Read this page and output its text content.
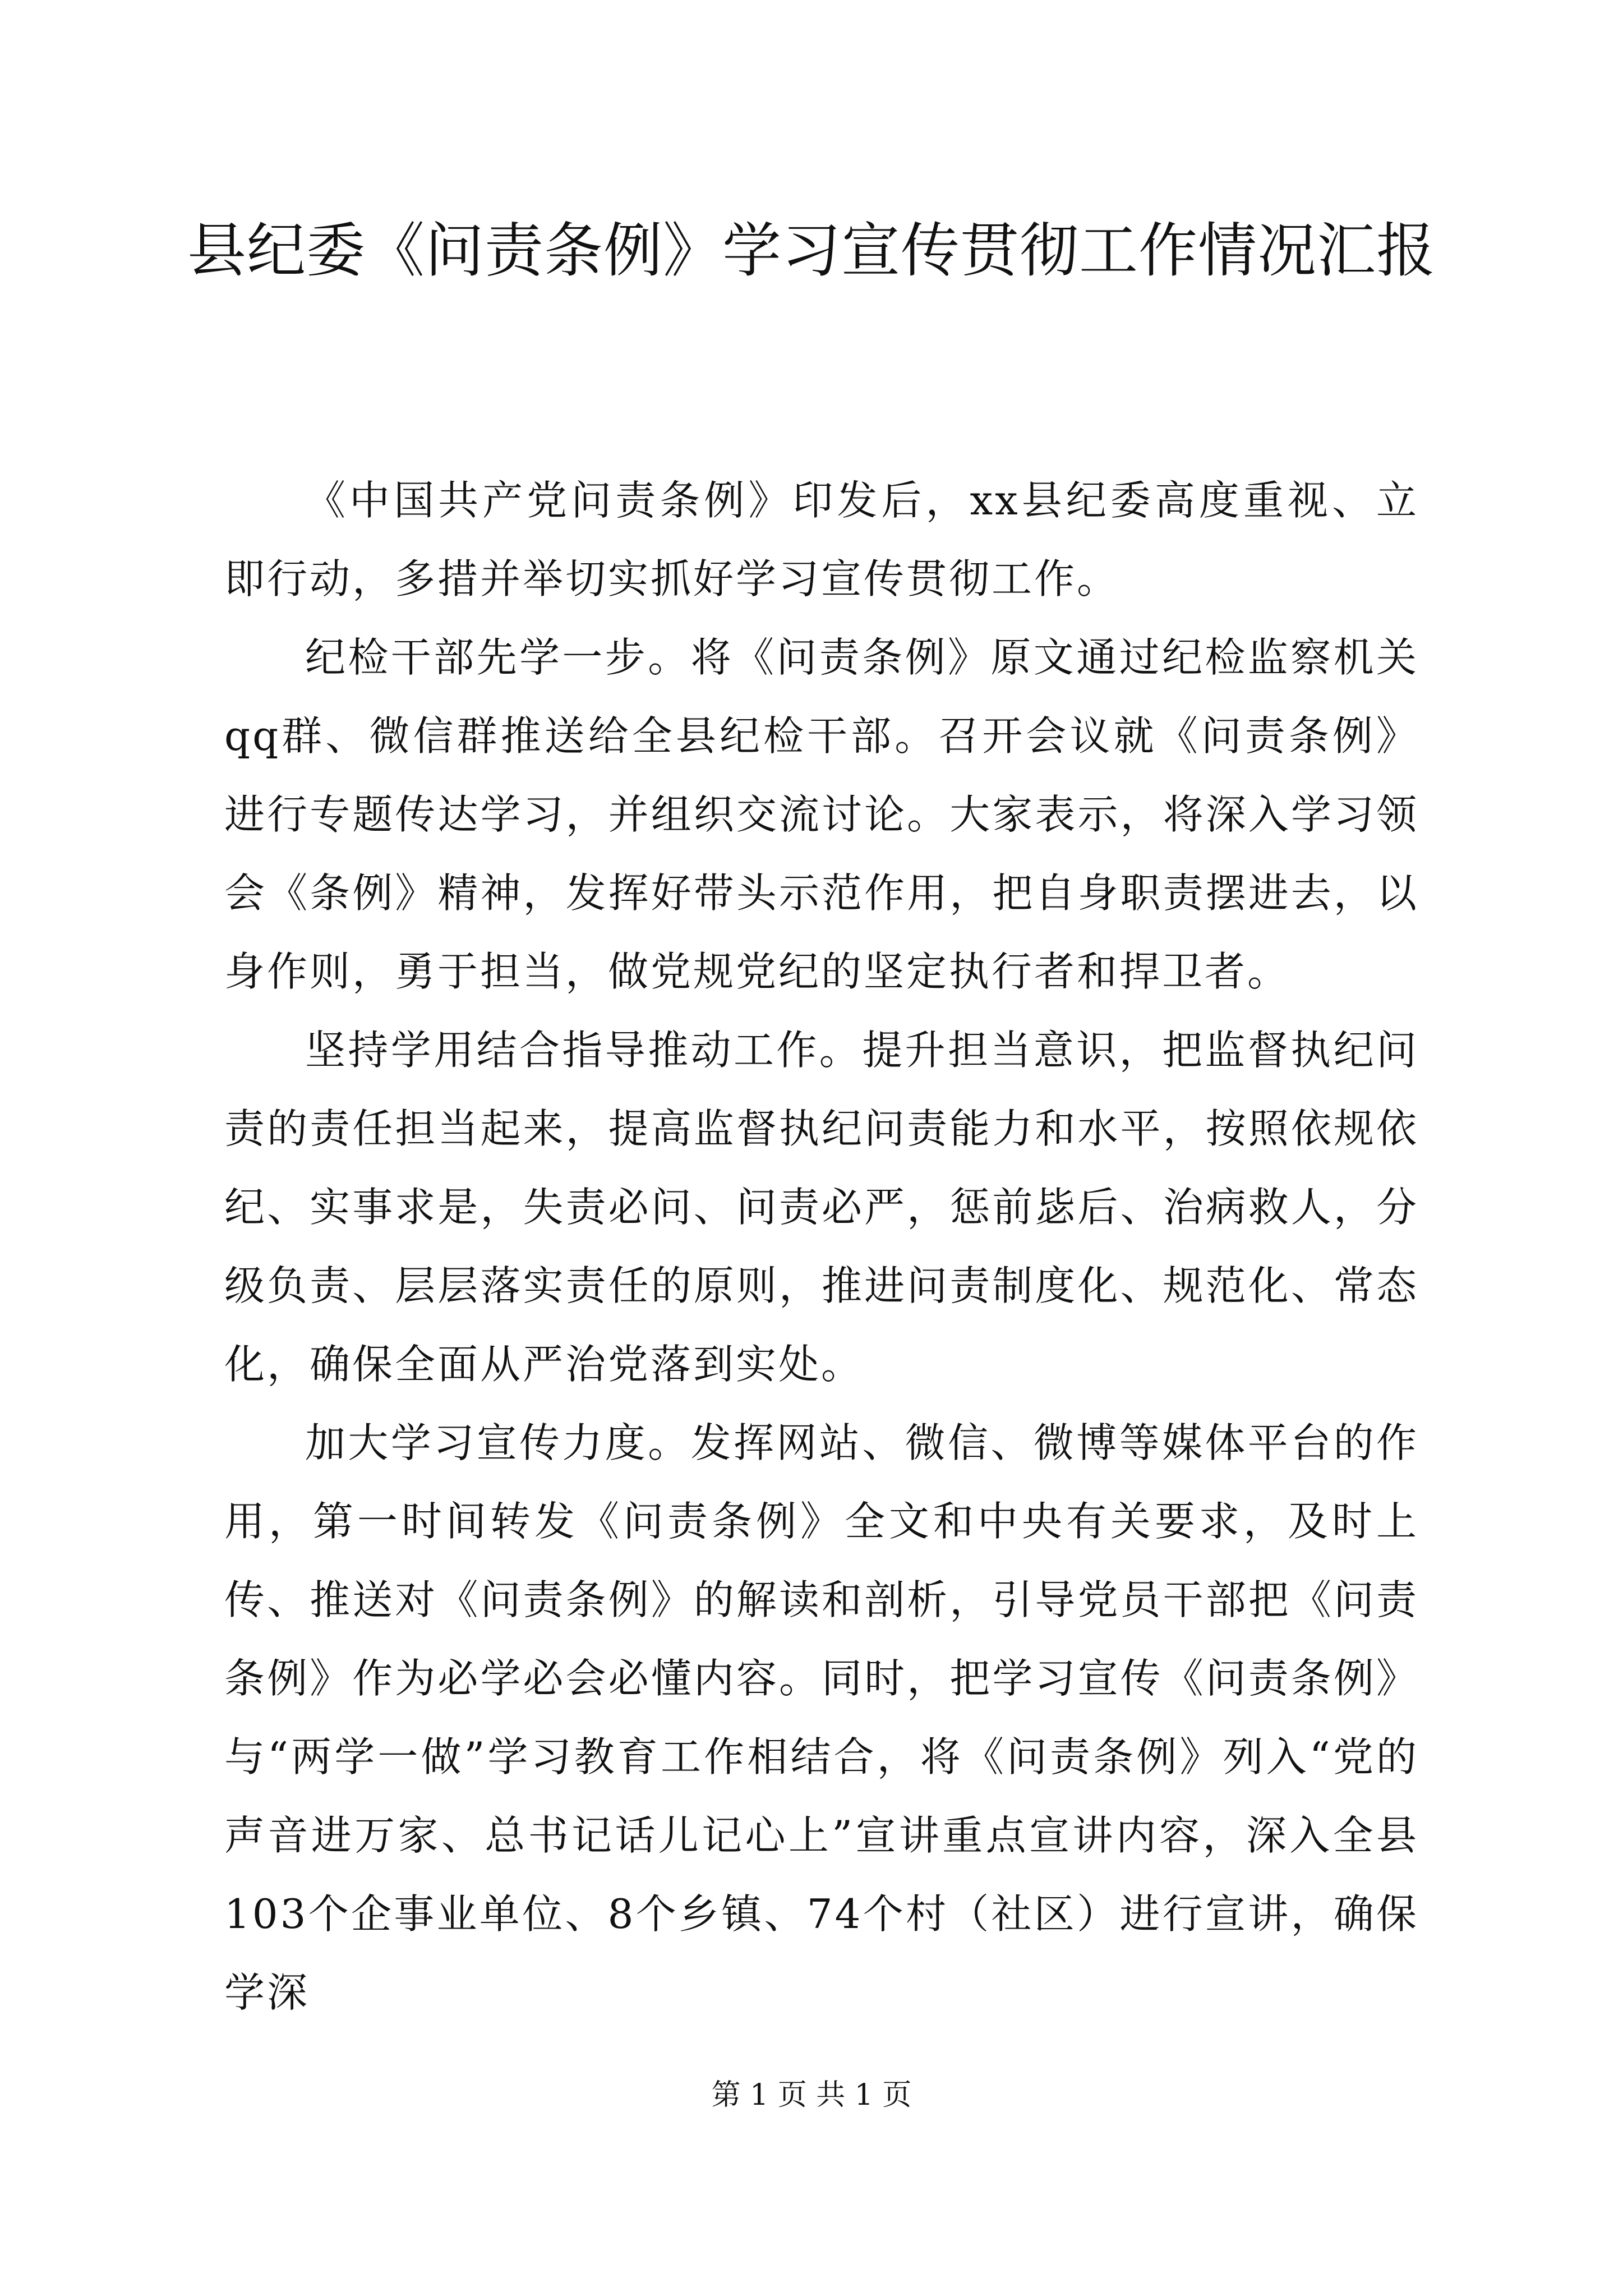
县纪委《问责条例》学习宣传贯彻工作情况汇报

《中国共产党问责条例》印发后，xx县纪委高度重视、立即行动，多措并举切实抓好学习宣传贯彻工作。

纪检干部先学一步。将《问责条例》原文通过纪检监察机关qq群、微信群推送给全县纪检干部。召开会议就《问责条例》进行专题传达学习，并组织交流讨论。大家表示，将深入学习领会《条例》精神，发挥好带头示范作用，把自身职责摆进去，以身作则，勇于担当，做党规党纪的坚定执行者和捍卫者。

坚持学用结合指导推动工作。提升担当意识，把监督执纪问责的责任担当起来，提高监督执纪问责能力和水平，按照依规依纪、实事求是，失责必问、问责必严，惩前毖后、治病救人，分级负责、层层落实责任的原则，推进问责制度化、规范化、常态化，确保全面从严治党落到实处。

加大学习宣传力度。发挥网站、微信、微博等媒体平台的作用，第一时间转发《问责条例》全文和中央有关要求，及时上传、推送对《问责条例》的解读和剖析，引导党员干部把《问责条例》作为必学必会必懂内容。同时，把学习宣传《问责条例》与“两学一做”学习教育工作相结合，将《问责条例》列入“党的声音进万家、总书记话儿记心上”宣讲重点宣讲内容，深入全县103个企事业单位、8个乡镇、74个村（社区）进行宣讲，确保学深

第 1 页 共 1 页
